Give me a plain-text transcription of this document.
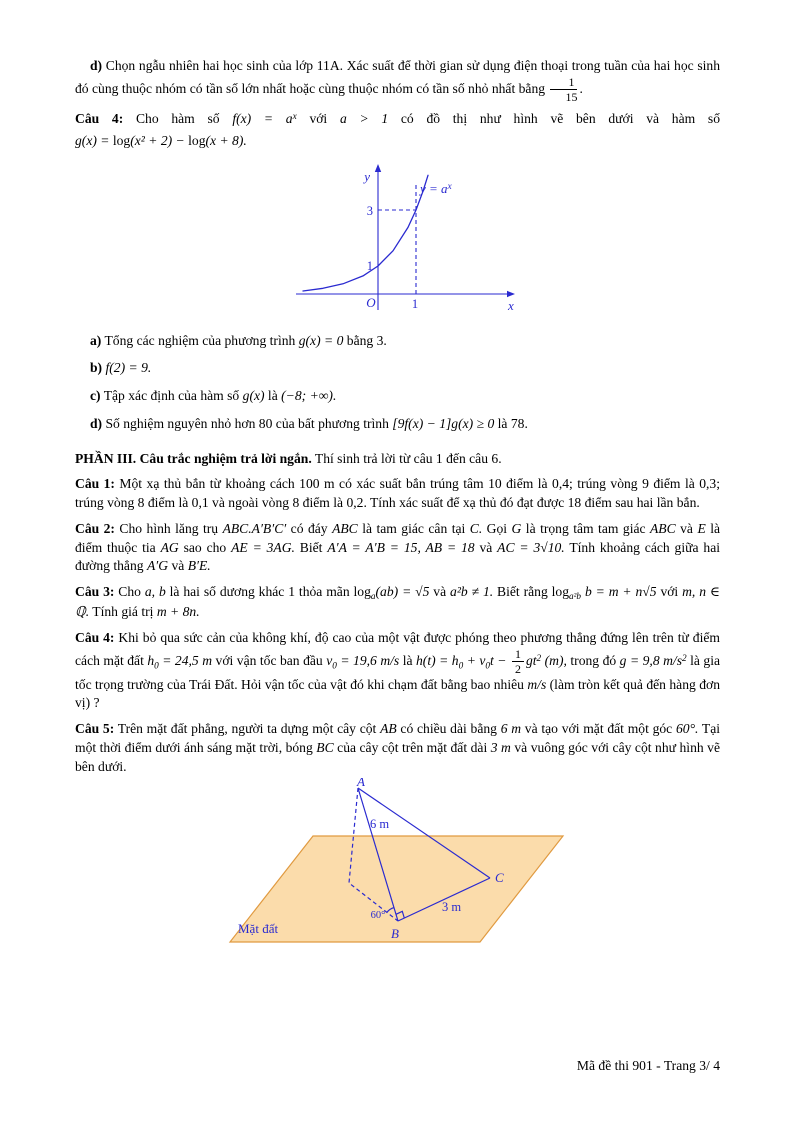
d) Chọn ngẫu nhiên hai học sinh của lớp 11A. Xác suất để thời gian sử dụng điện thoại trong tuần của hai học sinh đó cùng thuộc nhóm có tần số lớn nhất hoặc cùng thuộc nhóm có tần số nhỏ nhất bằng $\frac{1}{15}$ .

Câu 4: Cho hàm số $f(x) = a^x$ với a > 1 có đồ thị như hình vẽ bên dưới và hàm số

g(x) = log(x² + 2) − log(x + 8).

y
x
O	1
1
3
$y = a^x$

a) Tổng các nghiệm của phương trình g(x) = 0 bằng 3.

b) f(2) = 9.

c) Tập xác định của hàm số g(x) là (−8; +∞).

d) Số nghiệm nguyên nhỏ hơn 80 của bất phương trình [9f(x) − 1]g(x) ≥ 0 là 78.

PHẦN III. Câu trắc nghiệm trả lời ngắn. Thí sinh trả lời từ câu 1 đến câu 6.

Câu 1: Một xạ thủ bắn từ khoảng cách 100 m có xác suất bắn trúng tâm 10 điểm là 0,4; trúng vòng 9 điểm là 0,3; trúng vòng 8 điểm là 0,1 và ngoài vòng 8 điểm là 0,2. Tính xác suất để xạ thủ đó đạt được 18 điểm sau hai lần bắn.

Câu 2: Cho hình lăng trụ ABC.A′B′C′ có đáy ABC là tam giác cân tại C. Gọi G là trọng tâm tam giác ABC và E là điểm thuộc tia AG sao cho AE = 3AG. Biết A′A = A′B = 15, AB = 18 và AC = 3√10. Tính khoảng cách giữa hai đường thẳng A′G và B′E.

Câu 3: Cho a, b là hai số dương khác 1 thỏa mãn $\log_a(ab) = √5$ và a²b ≠ 1. Biết rằng $\log_{a^2b} b = m + n√5$ với m, n ∈ ℚ. Tính giá trị m + 8n.

Câu 4: Khi bỏ qua sức cản của không khí, độ cao của một vật được phóng theo phương thẳng đứng lên trên từ điểm cách mặt đất $h_0 = 24,5$ m với vận tốc ban đầu $v_0 = 19,6$ m/s là $h(t) = h_0 + v_0t - \frac{1}{2} gt^2$ (m), trong đó g = 9,8 $m/s^2$ là gia tốc trọng trường của Trái Đất. Hỏi vận tốc của vật đó khi chạm đất bằng bao nhiêu m/s (làm tròn kết quả đến hàng đơn vị) ?

Câu 5: Trên mặt đất phẳng, người ta dựng một cây cột AB có chiều dài bằng 6 m và tạo với mặt đất một góc 60°. Tại một thời điểm dưới ánh sáng mặt trời, bóng BC của cây cột trên mặt đất dài 3 m và vuông góc với cây cột như hình vẽ bên dưới.

A
B
C
6 m
3 m
60°
Mặt đất
Mã đề thi 901 - Trang 3/ 4
